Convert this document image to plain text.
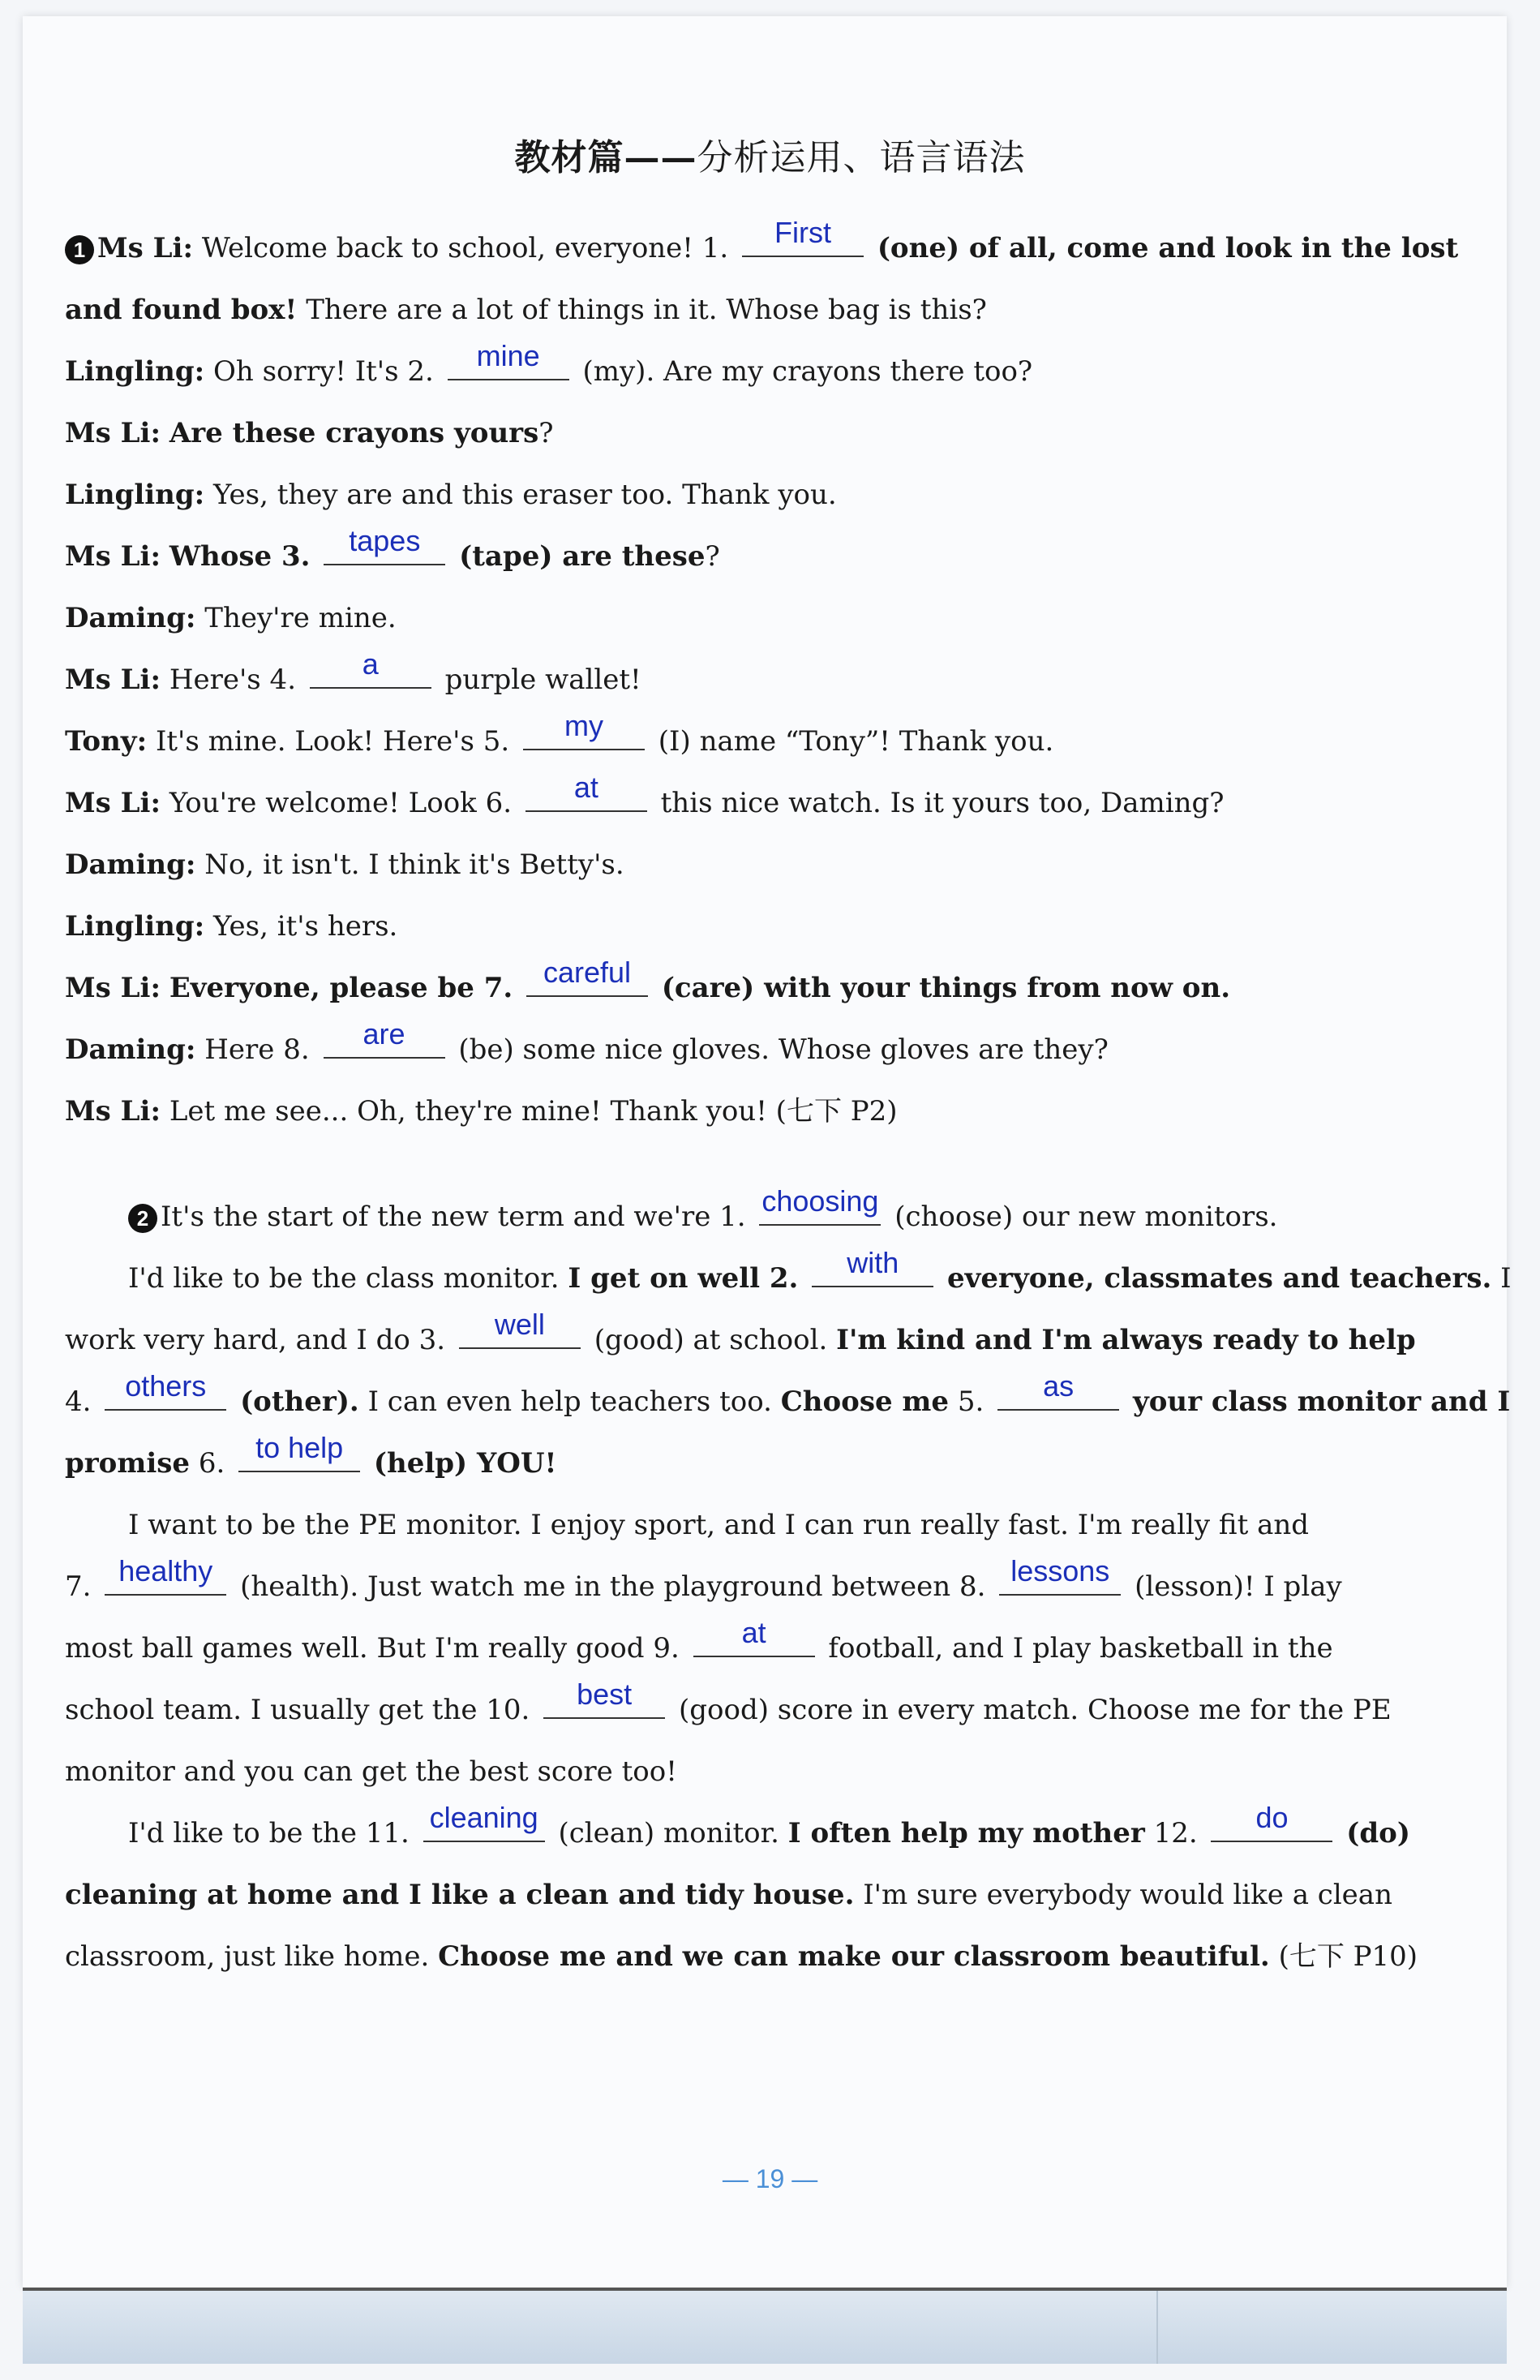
教材篇——分析运用、语言语法
1 Ms Li: Welcome back to school, everyone! 1.	First	(one) of all, come and look in the lost
and found box! There are a lot of things in it. Whose bag is this?
Lingling: Oh sorry! It's 2.	mine	(my). Are my crayons there too?
Ms Li: Are these crayons yours?
Lingling: Yes, they are and this eraser too. Thank you.
Ms Li: Whose 3.	tapes	(tape) are these?
Daming: They're mine.
Ms Li: Here's 4.	a	purple wallet!
Tony: It's mine. Look! Here's 5.	my	(I) name “Tony”! Thank you.
Ms Li: You're welcome! Look 6.	at	this nice watch. Is it yours too, Daming?
Daming: No, it isn't. I think it's Betty's.
Lingling: Yes, it's hers.
Ms Li: Everyone, please be 7.	careful	(care) with your things from now on.
Daming: Here 8.	are	(be) some nice gloves. Whose gloves are they?
Ms Li: Let me see... Oh, they're mine! Thank you! (七下 P2)
2 It's the start of the new term and we're 1. choosing (choose) our new monitors.
I'd like to be the class monitor. I get on well 2.	with	everyone, classmates and teachers. I
work very hard, and I do 3.	well	(good) at school. I'm kind and I'm always ready to help
4.	others	(other). I can even help teachers too. Choose me 5.	as	your class monitor and I
promise 6.	to help	(help) YOU!
I want to be the PE monitor. I enjoy sport, and I can run really fast. I'm really fit and
7. healthy (health). Just watch me in the playground between 8. lessons (lesson)! I play
most ball games well. But I'm really good 9.	at	football, and I play basketball in the
school team. I usually get the 10.	best	(good) score in every match. Choose me for the PE
monitor and you can get the best score too!
I'd like to be the 11. cleaning (clean) monitor. I often help my mother 12.	do	(do)
cleaning at home and I like a clean and tidy house. I'm sure everybody would like a clean
classroom, just like home. Choose me and we can make our classroom beautiful. (七下 P10)
— 19 —
